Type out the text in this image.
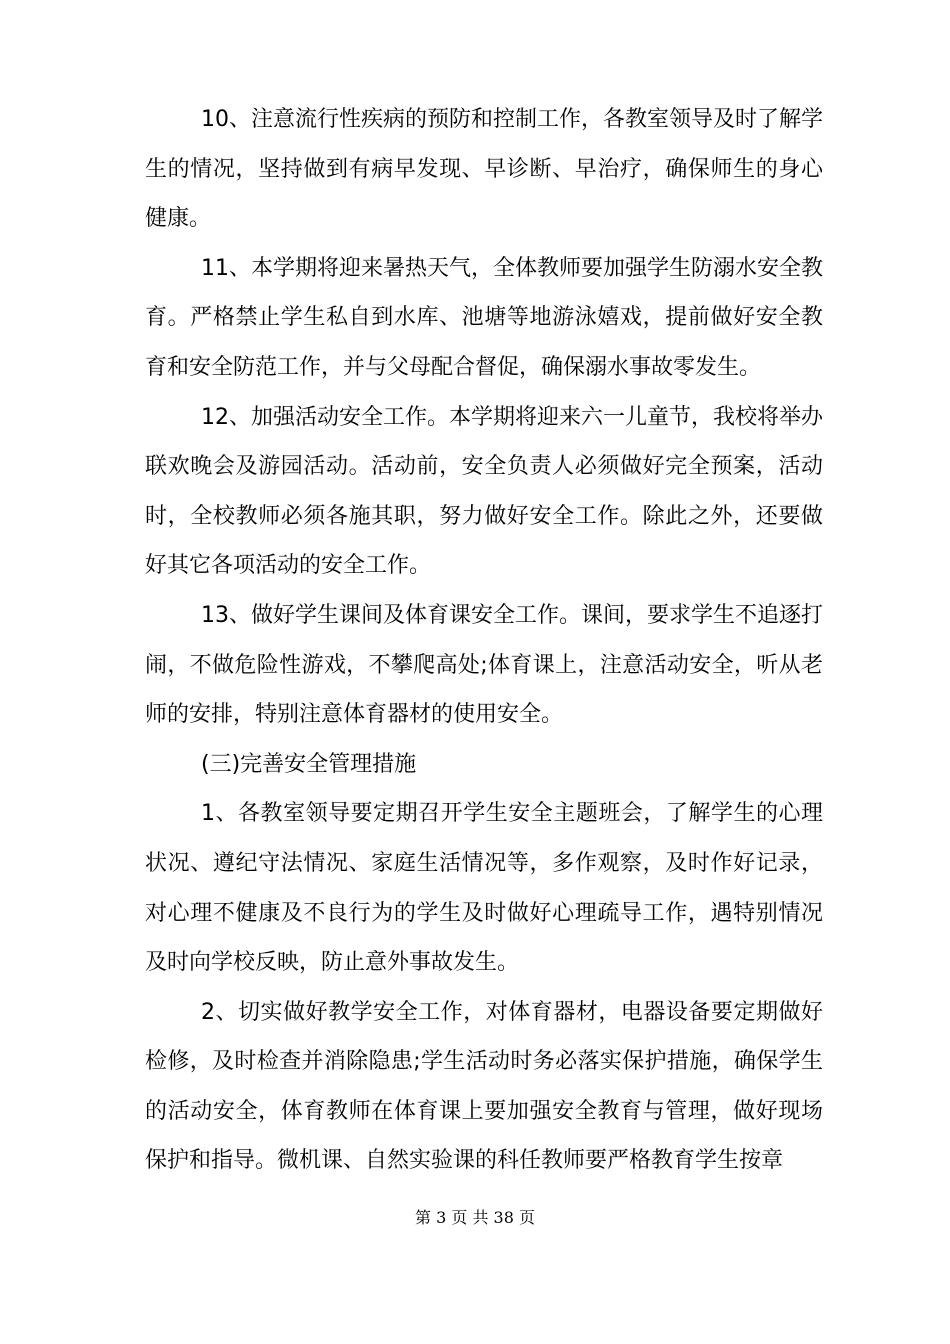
10、注意流行性疾病的预防和控制工作，各教室领导及时了解学生的情况，坚持做到有病早发现、早诊断、早治疗，确保师生的身心健康。

11、本学期将迎来暑热天气，全体教师要加强学生防溺水安全教育。严格禁止学生私自到水库、池塘等地游泳嬉戏，提前做好安全教育和安全防范工作，并与父母配合督促，确保溺水事故零发生。

12、加强活动安全工作。本学期将迎来六一儿童节，我校将举办联欢晚会及游园活动。活动前，安全负责人必须做好完全预案，活动时，全校教师必须各施其职，努力做好安全工作。除此之外，还要做好其它各项活动的安全工作。

13、做好学生课间及体育课安全工作。课间，要求学生不追逐打闹，不做危险性游戏，不攀爬高处;体育课上，注意活动安全，听从老师的安排，特别注意体育器材的使用安全。

(三)完善安全管理措施

1、各教室领导要定期召开学生安全主题班会，了解学生的心理状况、遵纪守法情况、家庭生活情况等，多作观察，及时作好记录，对心理不健康及不良行为的学生及时做好心理疏导工作，遇特别情况及时向学校反映，防止意外事故发生。

2、切实做好教学安全工作，对体育器材，电器设备要定期做好检修，及时检查并消除隐患;学生活动时务必落实保护措施，确保学生的活动安全，体育教师在体育课上要加强安全教育与管理，做好现场保护和指导。微机课、自然实验课的科任教师要严格教育学生按章

第 3 页 共 38 页
